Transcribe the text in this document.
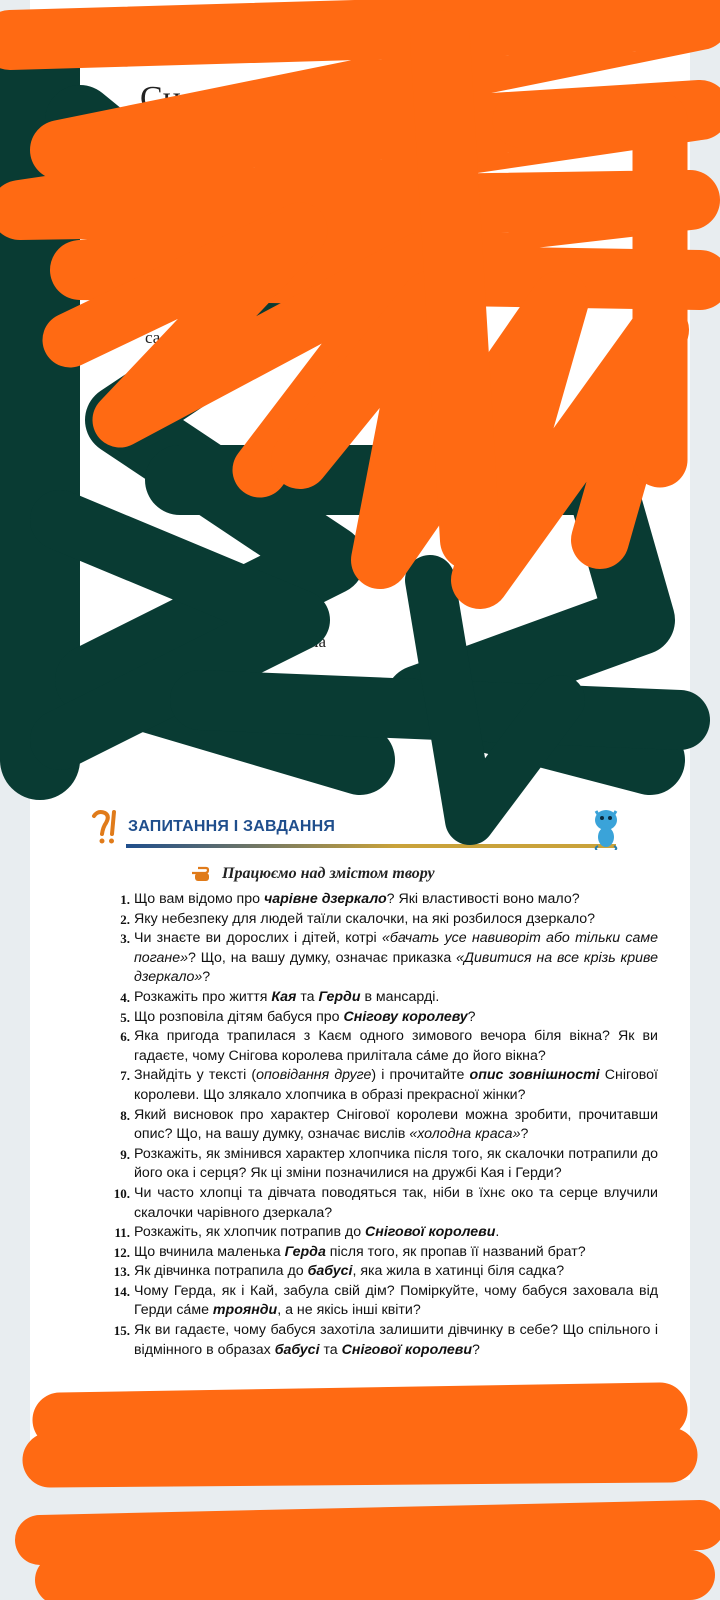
Сн
ми і
аза
знає
е,
са
ари
було
ла
ди	Пі
ЗАПИТАННЯ І ЗАВДАННЯ
Працюємо над змістом твору
1. Що вам відомо про чарівне дзеркало? Які властивості воно мало?
2. Яку небезпеку для людей таїли скалочки, на які розбилося дзеркало?
3. Чи знаєте ви дорослих і дітей, котрі «бачать усе навиворіт або тільки саме погане»? Що, на вашу думку, означає приказка «Дивитися на все крізь криве дзеркало»?
4. Розкажіть про життя Кая та Герди в мансарді.
5. Що розповіла дітям бабуся про Снігову королеву?
6. Яка пригода трапилася з Каєм одного зимового вечора біля вікна? Як ви гадаєте, чому Снігова королева прилітала са́ме до його вікна?
7. Знайдіть у тексті (оповідання друге) і прочитайте опис зовнішності Снігової королеви. Що злякало хлопчика в образі прекрасної жінки?
8. Який висновок про характер Снігової королеви можна зробити, прочитавши опис? Що, на вашу думку, означає вислів «холодна краса»?
9. Розкажіть, як змінився характер хлопчика після того, як скалочки потрапили до його ока і серця? Як ці зміни позначилися на дружбі Кая і Герди?
10. Чи часто хлопці та дівчата поводяться так, ніби в їхнє око та серце влучили скалочки чарівного дзеркала?
11. Розкажіть, як хлопчик потрапив до Снігової королеви.
12. Що вчинила маленька Герда після того, як пропав її названий брат?
13. Як дівчинка потрапила до бабусі, яка жила в хатинці біля садка?
14. Чому Герда, як і Кай, забула свій дім? Поміркуйте, чому бабуся заховала від Герди са́ме троянди, а не якісь інші квіти?
15. Як ви гадаєте, чому бабуся захотіла залишити дівчинку в себе? Що спільного і відмінного в образах бабусі та Снігової королеви?
